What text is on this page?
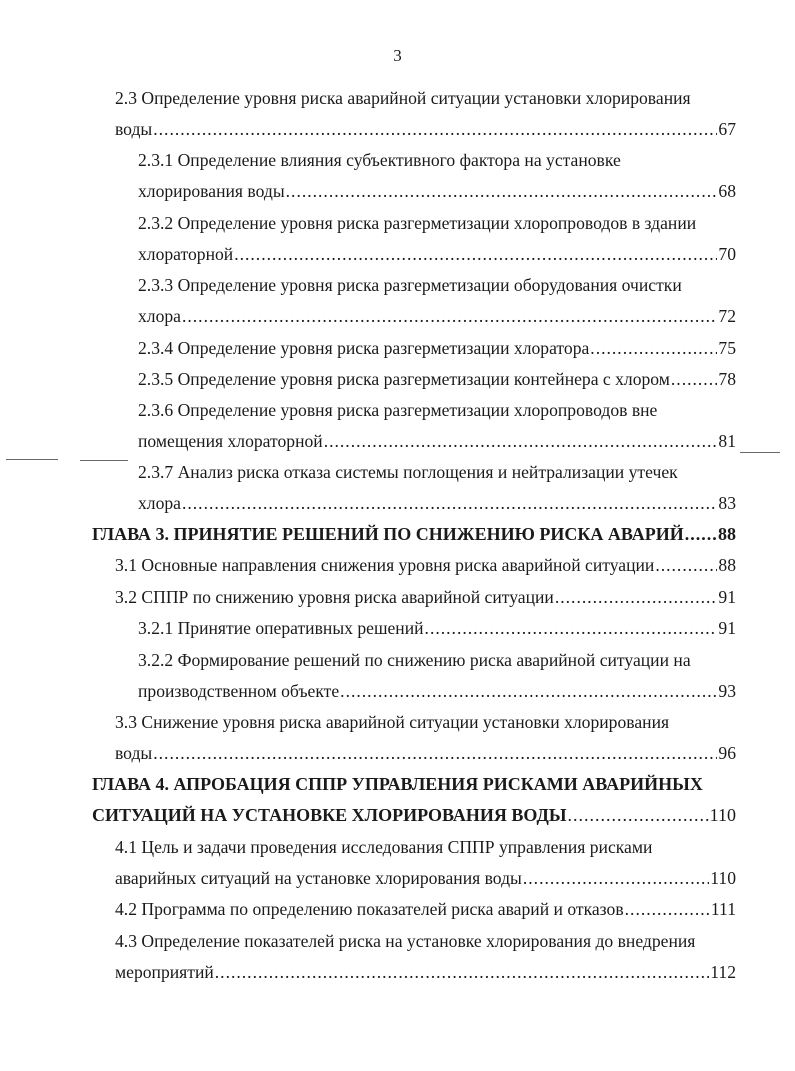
3
2.3 Определение уровня риска аварийной ситуации установки хлорирования
воды .....	67
2.3.1 Определение влияния субъективного фактора на установке
хлорирования воды .....	68
2.3.2 Определение уровня риска разгерметизации хлоропроводов в здании
хлораторной .....	70
2.3.3 Определение уровня риска разгерметизации оборудования очистки
хлора .....	72
2.3.4 Определение уровня риска разгерметизации хлоратора .....	75
2.3.5 Определение уровня риска разгерметизации контейнера с хлором .....	78
2.3.6 Определение уровня риска разгерметизации хлоропроводов вне
помещения хлораторной .....	81
2.3.7 Анализ риска отказа системы поглощения и нейтрализации утечек
хлора .....	83
ГЛАВА 3. ПРИНЯТИЕ РЕШЕНИЙ ПО СНИЖЕНИЮ РИСКА АВАРИЙ ..... 88
3.1 Основные направления снижения уровня риска аварийной ситуации .....	88
3.2 СППР по снижению уровня риска аварийной ситуации .....	91
3.2.1 Принятие оперативных решений .....	91
3.2.2 Формирование решений по снижению риска аварийной ситуации на
производственном объекте .....	93
3.3 Снижение уровня риска аварийной ситуации установки хлорирования
воды .....	96
ГЛАВА 4. АПРОБАЦИЯ СППР УПРАВЛЕНИЯ РИСКАМИ АВАРИЙНЫХ
СИТУАЦИЙ НА УСТАНОВКЕ ХЛОРИРОВАНИЯ ВОДЫ .....	110
4.1 Цель и задачи проведения исследования СППР управления рисками
аварийных ситуаций на установке хлорирования воды .....	110
4.2 Программа по определению показателей риска аварий и отказов .....	111
4.3 Определение показателей риска на установке хлорирования до внедрения
мероприятий .....	112
